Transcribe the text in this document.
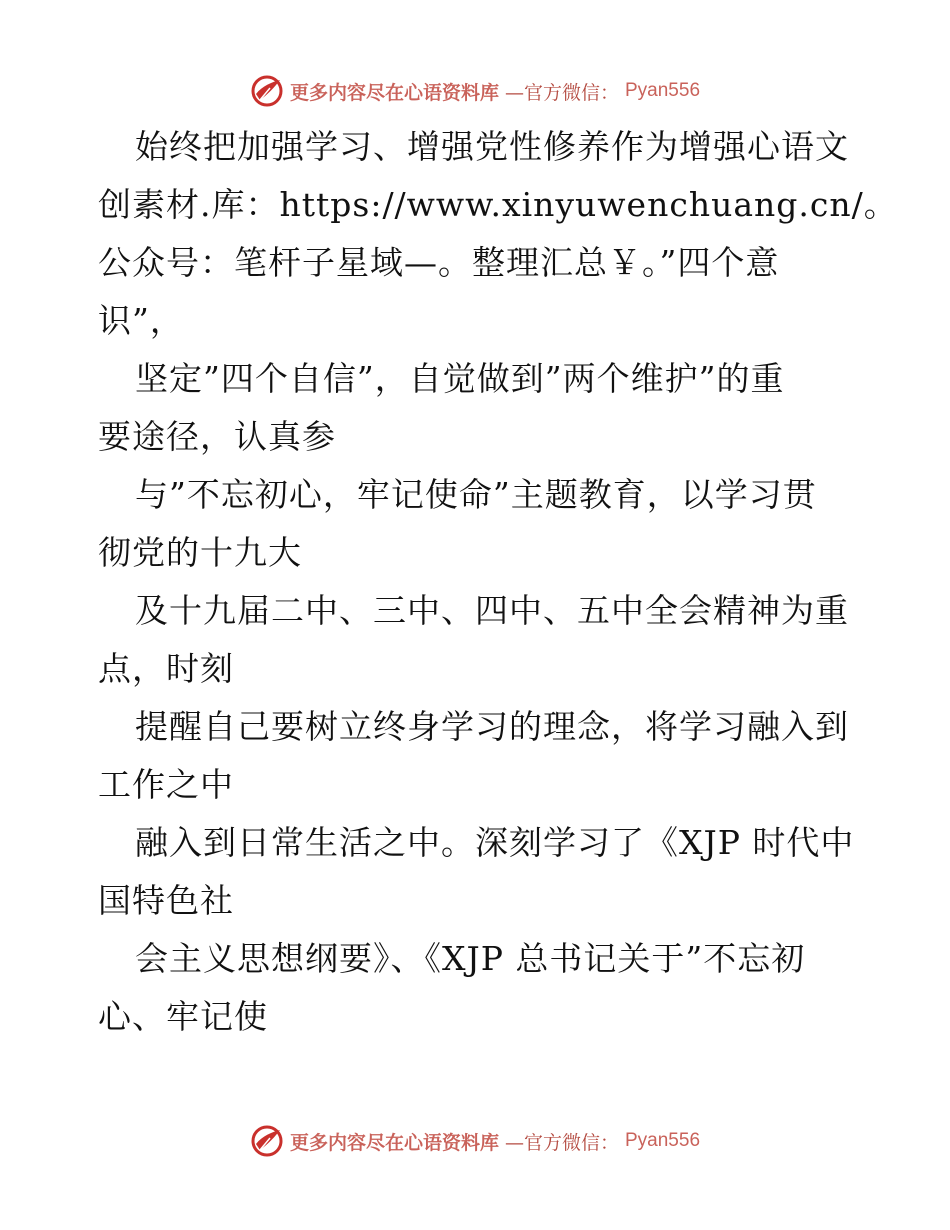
更多内容尽在心语资料库 —官方微信： Pyan556
始终把加强学习、增强党性修养作为增强心语文
创素材.库：https://www.xinyuwenchuang.cn/。
公众号：笔杆子星域—。整理汇总￥。”四个意
识”，
坚定”四个自信”，自觉做到”两个维护”的重
要途径，认真参
与”不忘初心，牢记使命”主题教育，以学习贯
彻党的十九大
及十九届二中、三中、四中、五中全会精神为重
点，时刻
提醒自己要树立终身学习的理念，将学习融入到
工作之中
融入到日常生活之中。深刻学习了《XJP 时代中
国特色社
会主义思想纲要》、《XJP 总书记关于”不忘初
心、牢记使
更多内容尽在心语资料库 —官方微信： Pyan556
